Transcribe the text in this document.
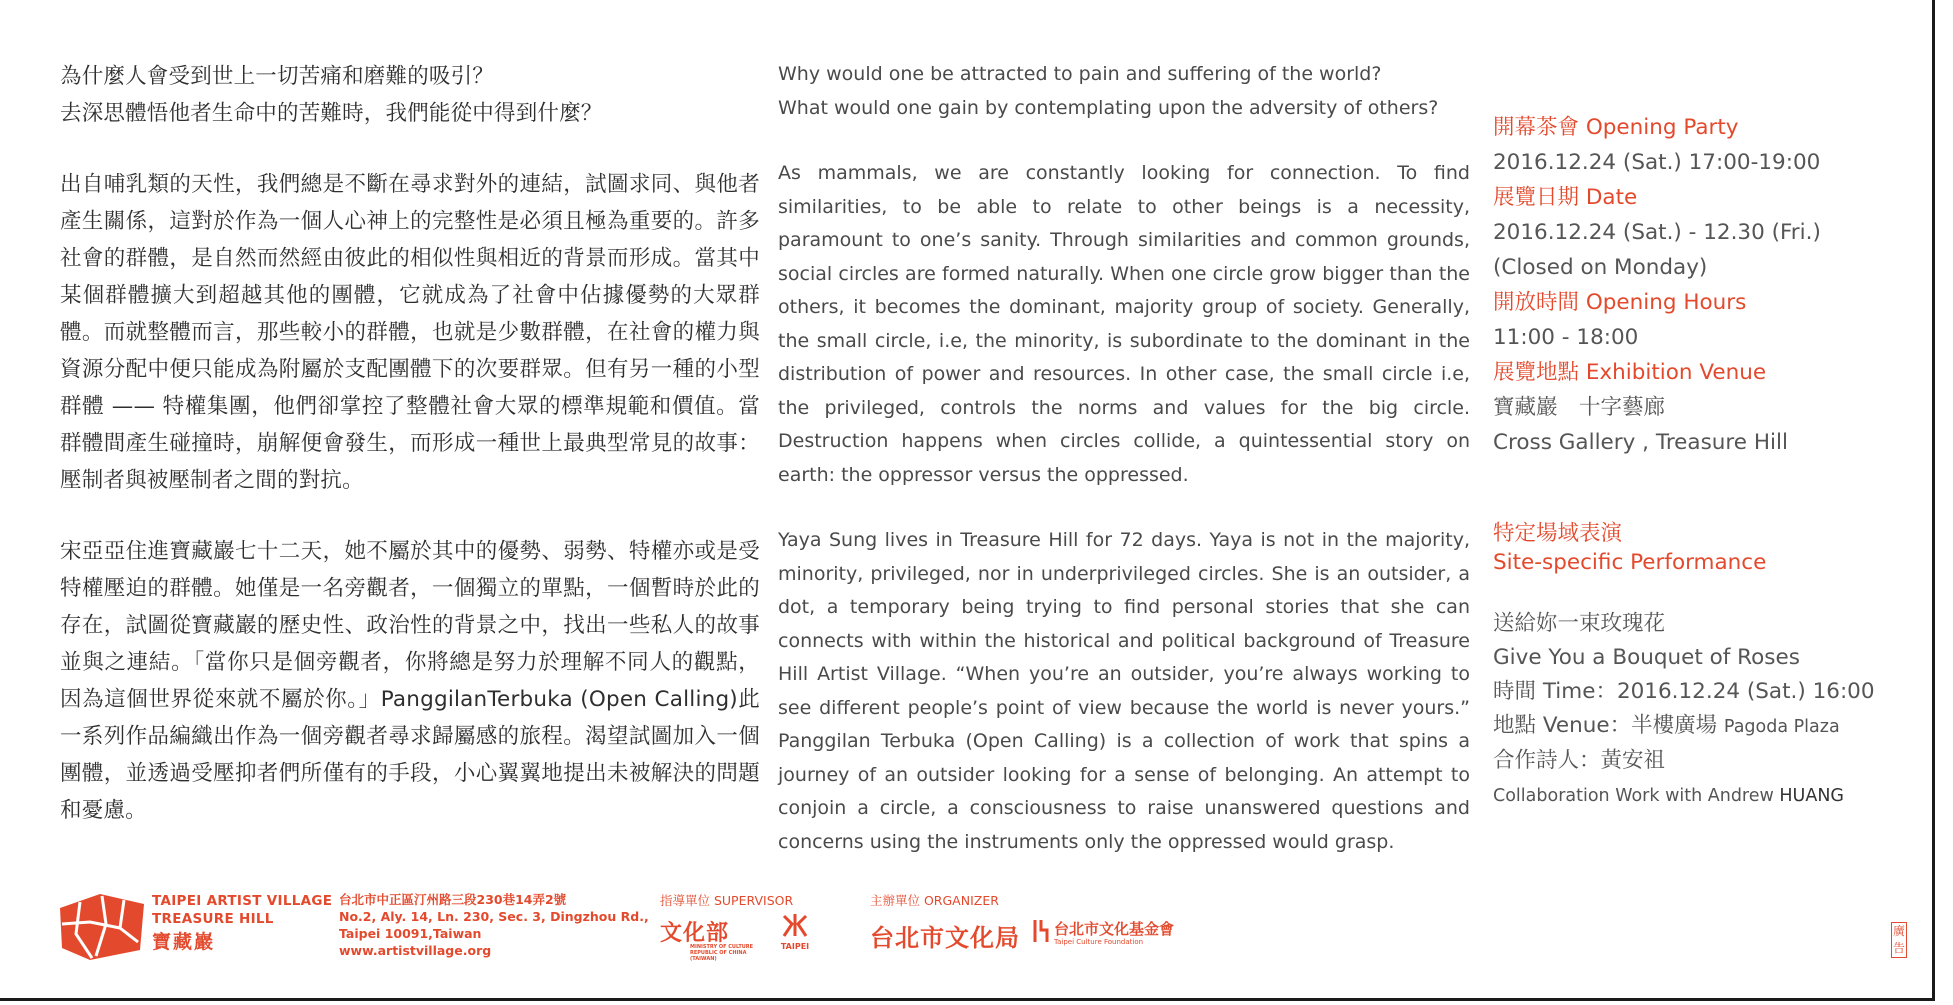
為什麼人會受到世上一切苦痛和磨難的吸引？

去深思體悟他者生命中的苦難時，我們能從中得到什麼？

出自哺乳類的天性，我們總是不斷在尋求對外的連結，試圖求同、與他者產生關係，這對於作為一個人心神上的完整性是必須且極為重要的。許多社會的群體，是自然而然經由彼此的相似性與相近的背景而形成。當其中某個群體擴大到超越其他的團體，它就成為了社會中佔據優勢的大眾群體。而就整體而言，那些較小的群體，也就是少數群體，在社會的權力與資源分配中便只能成為附屬於支配團體下的次要群眾。但有另一種的小型群體 —— 特權集團，他們卻掌控了整體社會大眾的標準規範和價值。當群體間產生碰撞時，崩解便會發生，而形成一種世上最典型常見的故事：壓制者與被壓制者之間的對抗。

宋亞亞住進寶藏巖七十二天，她不屬於其中的優勢、弱勢、特權亦或是受特權壓迫的群體。她僅是一名旁觀者，一個獨立的單點，一個暫時於此的存在，試圖從寶藏巖的歷史性、政治性的背景之中，找出一些私人的故事並與之連結。「當你只是個旁觀者，你將總是努力於理解不同人的觀點，因為這個世界從來就不屬於你。」PanggilanTerbuka (Open Calling)此一系列作品編織出作為一個旁觀者尋求歸屬感的旅程。渴望試圖加入一個團體，並透過受壓抑者們所僅有的手段，小心翼翼地提出未被解決的問題和憂慮。

Why would one be attracted to pain and suffering of the world?

What would one gain by contemplating upon the adversity of others?

As mammals, we are constantly looking for connection. To find similarities, to be able to relate to other beings is a necessity, paramount to one’s sanity. Through similarities and common grounds, social circles are formed naturally. When one circle grow bigger than the others, it becomes the dominant, majority group of society. Generally, the small circle, i.e, the minority, is subordinate to the dominant in the distribution of power and resources. In other case, the small circle i.e, the privileged, controls the norms and values for the big circle. Destruction happens when circles collide, a quintessential story on earth: the oppressor versus the oppressed.

Yaya Sung lives in Treasure Hill for 72 days. Yaya is not in the majority, minority, privileged, nor in underprivileged circles. She is an outsider, a dot, a temporary being trying to find personal stories that she can connects with within the historical and political background of Treasure Hill Artist Village. “When you’re an outsider, you’re always working to see different people’s point of view because the world is never yours.” Panggilan Terbuka (Open Calling) is a collection of work that spins a journey of an outsider looking for a sense of belonging. An attempt to conjoin a circle, a consciousness to raise unanswered questions and concerns using the instruments only the oppressed would grasp.

開幕茶會 Opening Party
2016.12.24 (Sat.) 17:00-19:00
展覽日期 Date
2016.12.24 (Sat.) - 12.30 (Fri.)
(Closed on Monday)
開放時間 Opening Hours
11:00 - 18:00
展覽地點 Exhibition Venue
寶藏巖　十字藝廊
Cross Gallery , Treasure Hill
特定場域表演
Site-specific Performance
送給妳一束玫瑰花
Give You a Bouquet of Roses
時間 Time：2016.12.24 (Sat.) 16:00
地點 Venue：半樓廣場 Pagoda Plaza
合作詩人：黃安祖
Collaboration Work with Andrew HUANG
TAIPEI ARTIST VILLAGE
TREASURE HILL
寶藏巖
台北市中正區汀州路三段230巷14弄2號
No.2, Aly. 14, Ln. 230, Sec. 3, Dingzhou Rd.,
Taipei 10091,Taiwan
www.artistvillage.org
指導單位 SUPERVISOR
文化部
MINISTRY OF CULTURE REPUBLIC OF CHINA (TAIWAN)
TAIPEI
主辦單位 ORGANIZER
台北市文化局 台北市文化基金會
Taipei Culture Foundation
廣告
